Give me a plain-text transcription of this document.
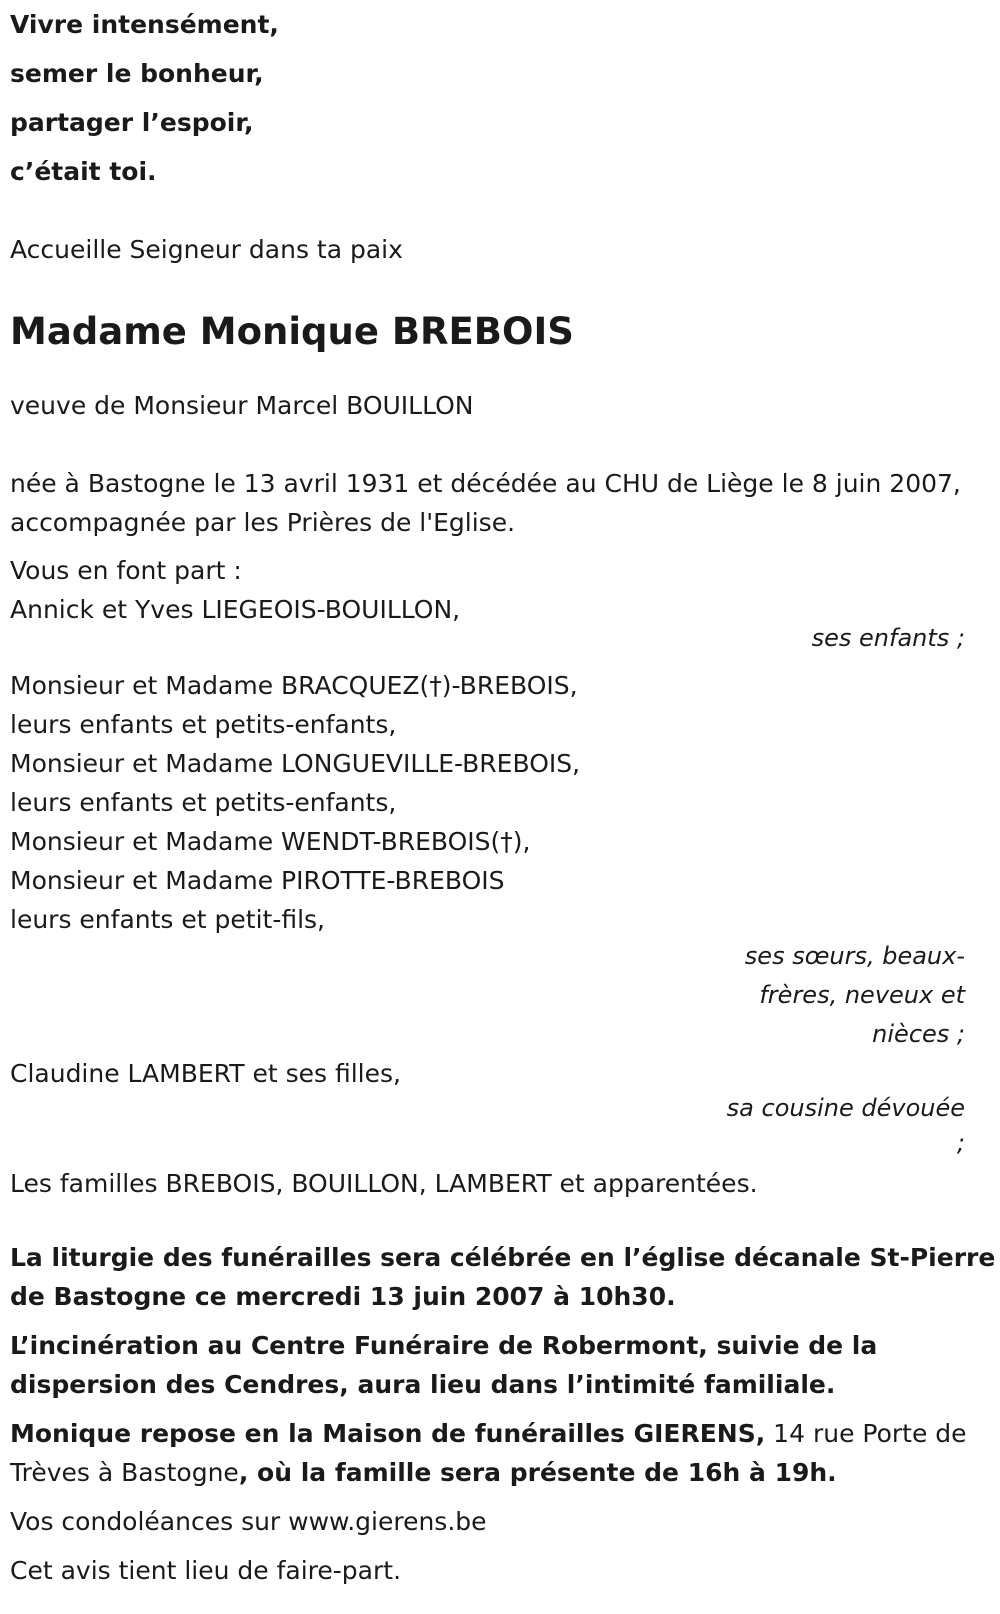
Vivre intensément,
semer le bonheur,
partager l’espoir,
c’était toi.
Accueille Seigneur dans ta paix
Madame Monique BREBOIS
veuve de Monsieur Marcel BOUILLON
née à Bastogne le 13 avril 1931 et décédée au CHU de Liège le 8 juin 2007,
accompagnée par les Prières de l'Eglise.
Vous en font part :
Annick et Yves LIEGEOIS-BOUILLON,
ses enfants ;
Monsieur et Madame BRACQUEZ(†)-BREBOIS,
leurs enfants et petits-enfants,
Monsieur et Madame LONGUEVILLE-BREBOIS,
leurs enfants et petits-enfants,
Monsieur et Madame WENDT-BREBOIS(†),
Monsieur et Madame PIROTTE-BREBOIS
leurs enfants et petit-fils,
ses sœurs, beaux-
frères, neveux et
nièces ;
Claudine LAMBERT et ses filles,
sa cousine dévouée
;
Les familles BREBOIS, BOUILLON, LAMBERT et apparentées.
La liturgie des funérailles sera célébrée en l’église décanale St-Pierre
de Bastogne ce mercredi 13 juin 2007 à 10h30.
L’incinération au Centre Funéraire de Robermont, suivie de la
dispersion des Cendres, aura lieu dans l’intimité familiale.
Monique repose en la Maison de funérailles GIERENS, 14 rue Porte de
Trèves à Bastogne, où la famille sera présente de 16h à 19h.
Vos condoléances sur www.gierens.be
Cet avis tient lieu de faire-part.
